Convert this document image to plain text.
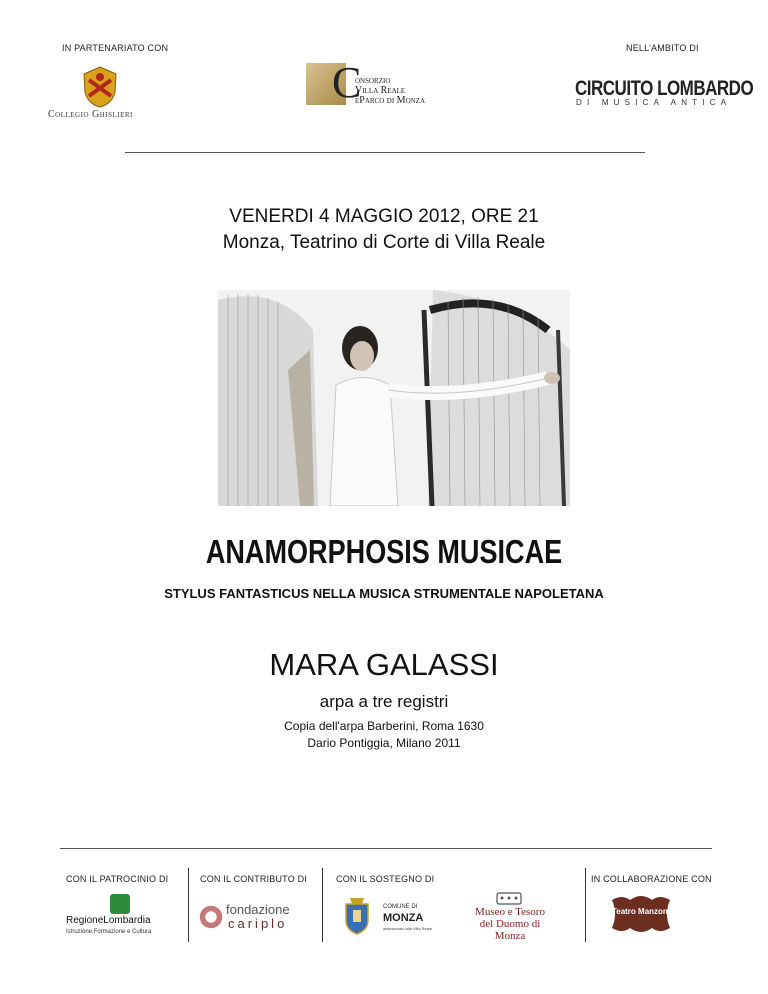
IN PARTENARIATO CON	NELL’AMBITO DI
Collegio Ghislieri
C
onsorzio
Villa Reale
eParco di Monza
CIRCUITO LOMBARDO
DI MUSICA ANTICA
VENERDI 4 MAGGIO 2012, ORE 21
Monza, Teatrino di Corte di Villa Reale
ANAMORPHOSIS MUSICAE
STYLUS FANTASTICUS NELLA MUSICA STRUMENTALE NAPOLETANA
MARA GALASSI
arpa a tre registri
Copia dell'arpa Barberini, Roma 1630
Dario Pontiggia, Milano 2011
CON IL PATROCINIO DI	CON IL CONTRIBUTO DI	CON IL SOSTEGNO DI	IN COLLABORAZIONE CON
RegioneLombardia
Istruzione,Formazione e Cultura
fondazione
cariplo
COMUNE DI
MONZA
assessorato alla Villa Reale
Museo e Tesoro
del Duomo di Monza
Teatro Manzoni
